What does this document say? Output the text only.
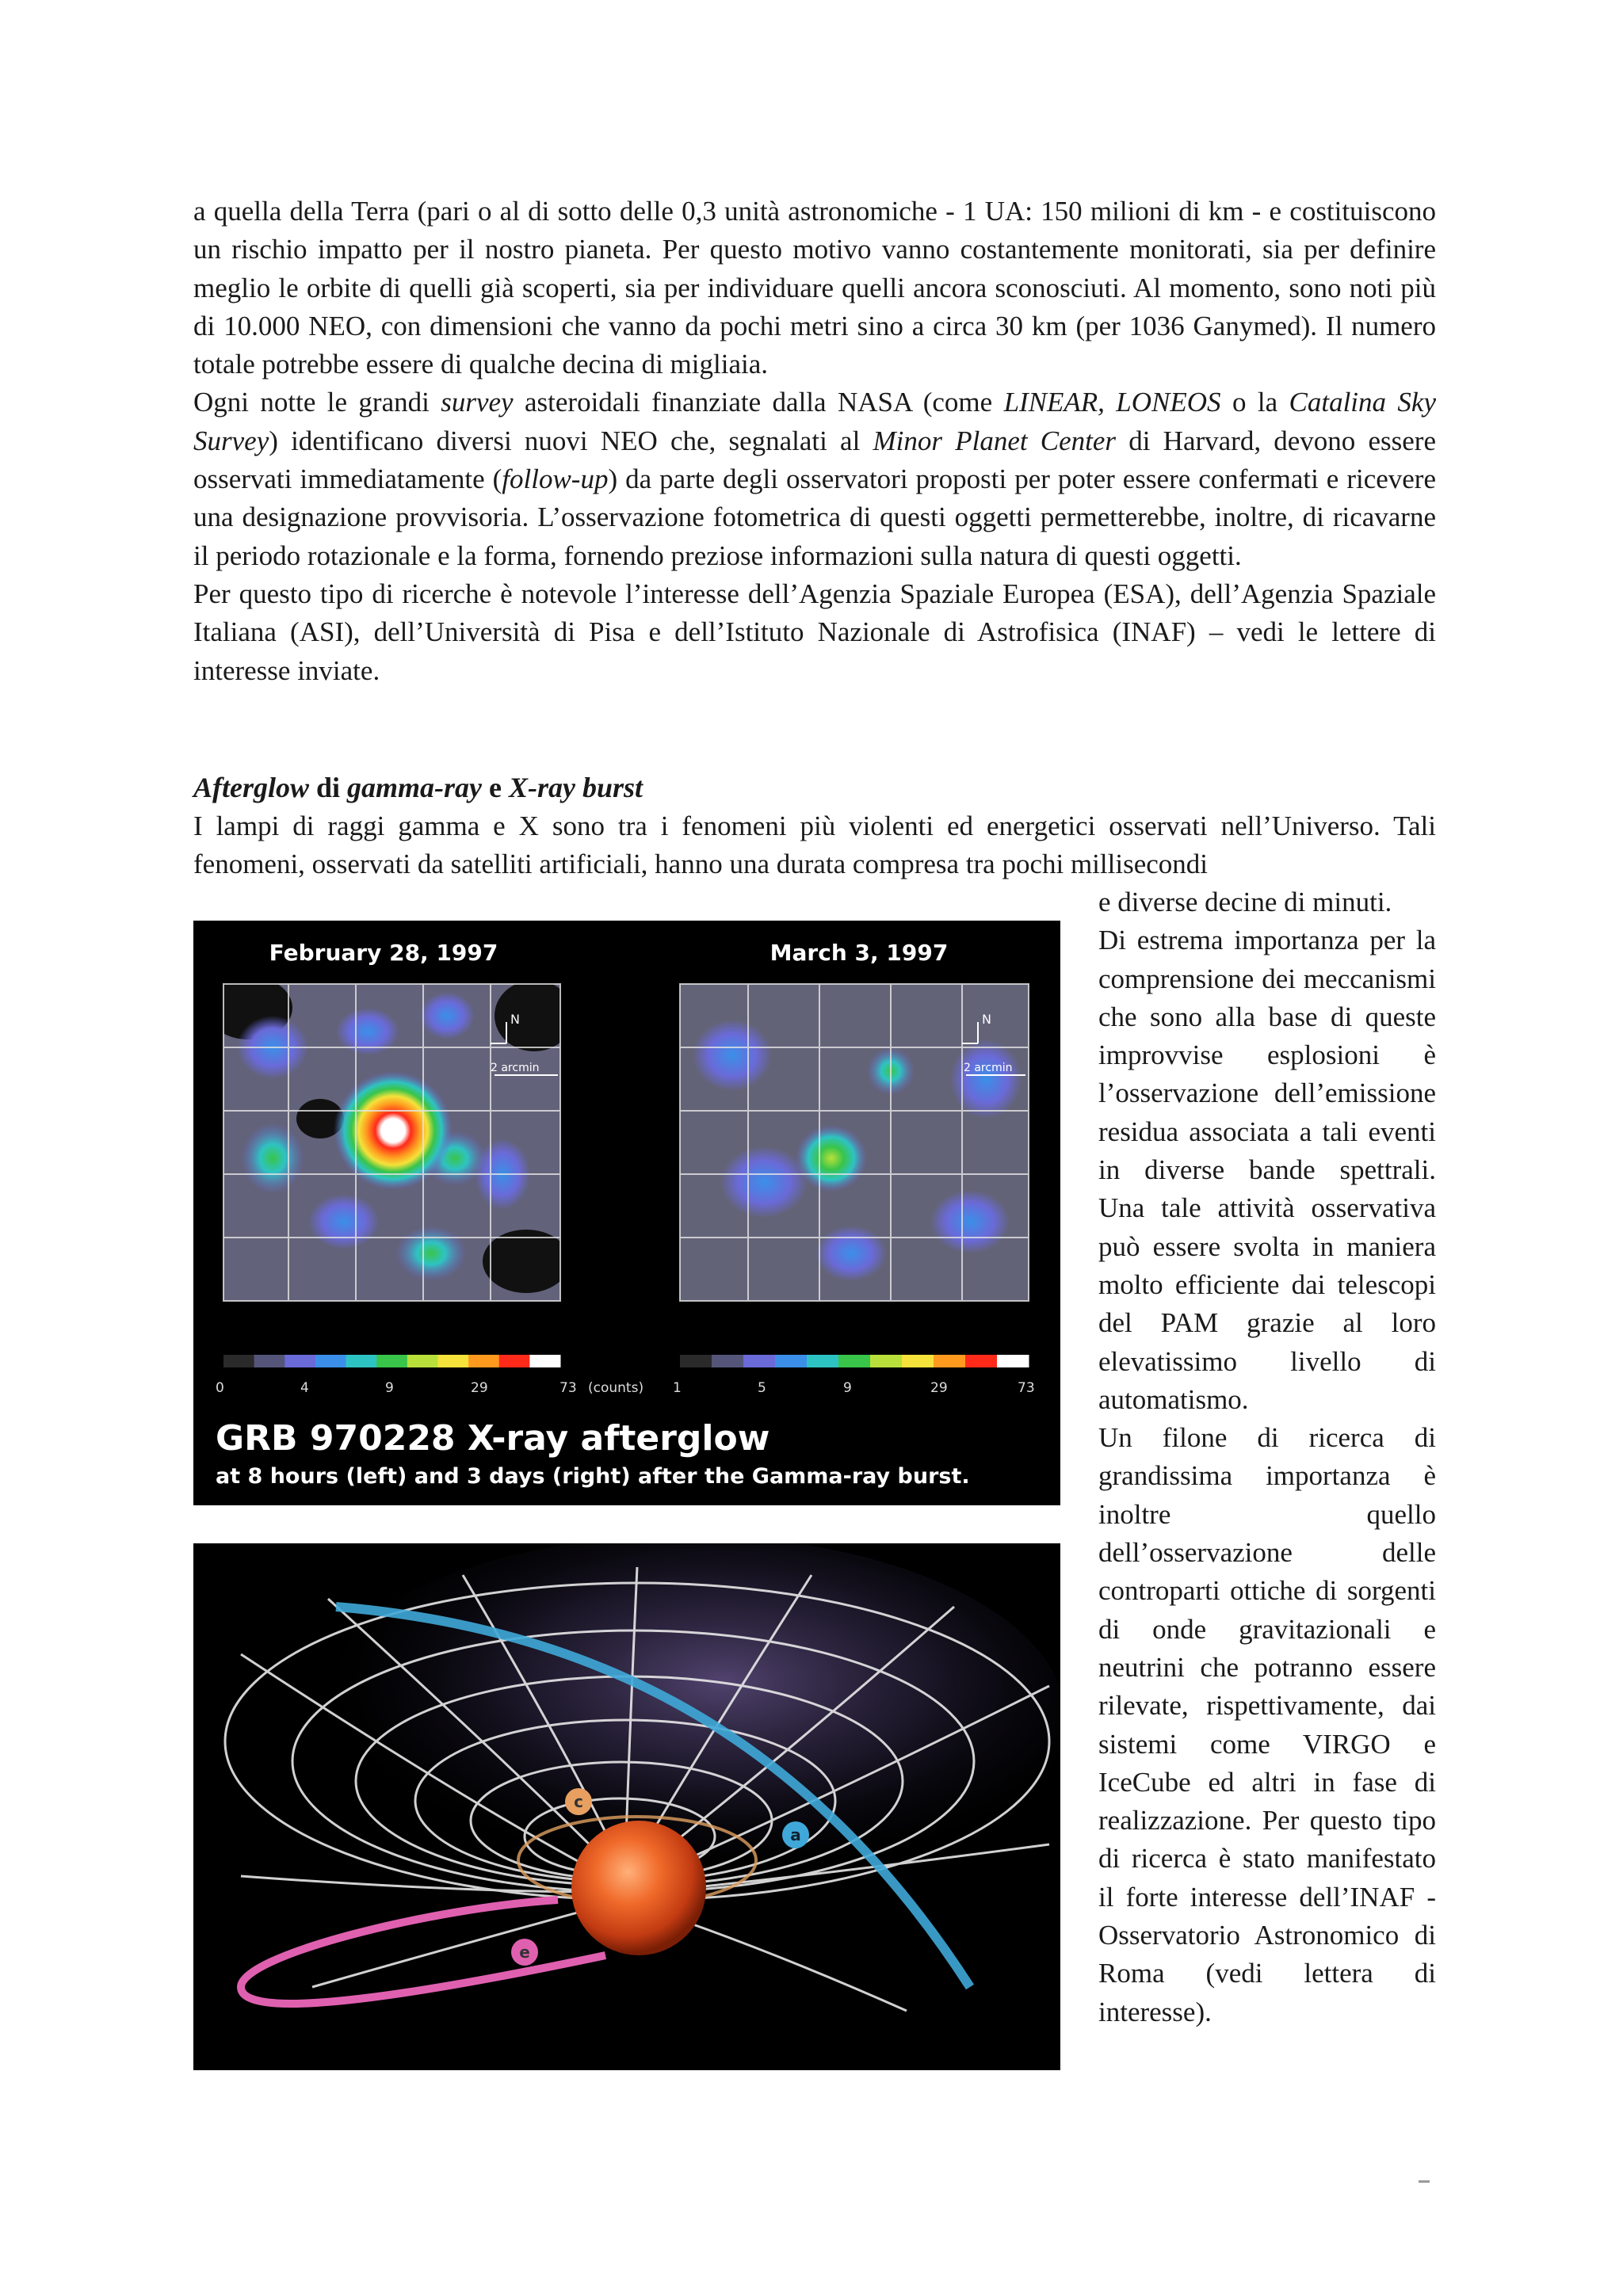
a quella della Terra (pari o al di sotto delle 0,3 unità astronomiche - 1 UA: 150 milioni di km - e costituiscono un rischio impatto per il nostro pianeta. Per questo motivo vanno costantemente monitorati, sia per definire meglio le orbite di quelli già scoperti, sia per individuare quelli ancora sconosciuti. Al momento, sono noti più di 10.000 NEO, con dimensioni che vanno da pochi metri sino a circa 30 km (per 1036 Ganymed). Il numero totale potrebbe essere di qualche decina di migliaia.

Ogni notte le grandi survey asteroidali finanziate dalla NASA (come LINEAR, LONEOS o la Catalina Sky Survey) identificano diversi nuovi NEO che, segnalati al Minor Planet Center di Harvard, devono essere osservati immediatamente (follow-up) da parte degli osservatori proposti per poter essere confermati e ricevere una designazione provvisoria. L’osservazione fotometrica di questi oggetti permetterebbe, inoltre, di ricavarne il periodo rotazionale e la forma, fornendo preziose informazioni sulla natura di questi oggetti.

Per questo tipo di ricerche è notevole l’interesse dell’Agenzia Spaziale Europea (ESA), dell’Agenzia Spaziale Italiana (ASI), dell’Università di Pisa e dell’Istituto Nazionale di Astrofisica (INAF) – vedi le lettere di interesse inviate.

Afterglow di gamma-ray e X-ray burst

I lampi di raggi gamma e X sono tra i fenomeni più violenti ed energetici osservati nell’Universo. Tali fenomeni, osservati da satelliti artificiali, hanno una durata compresa tra pochi millisecondi

e diverse decine di minuti.

Di estrema importanza per la comprensione dei meccanismi che sono alla base di queste improvvise esplosioni è l’osservazione dell’emissione residua associata a tali eventi in diverse bande spettrali. Una tale attività osservativa può essere svolta in maniera molto efficiente dai telescopi del PAM grazie al loro elevatissimo livello di automatismo.

Un filone di ricerca di grandissima importanza è inoltre quello dell’osservazione delle controparti ottiche di sorgenti di onde gravitazionali e neutrini che potranno essere rilevate, rispettivamente, dai sistemi come VIRGO e IceCube ed altri in fase di realizzazione. Per questo tipo di ricerca è stato manifestato il forte interesse dell’INAF - Osservatorio Astronomico di Roma (vedi lettera di interesse).

N
2 arcmin
N
2 arcmin
February 28, 1997	March 3, 1997
0	4	9	29	73 (counts) 1	5	9	29	73
GRB 970228 X-ray afterglow
at 8 hours (left) and 3 days (right) after the Gamma-ray burst.
c
a
e
